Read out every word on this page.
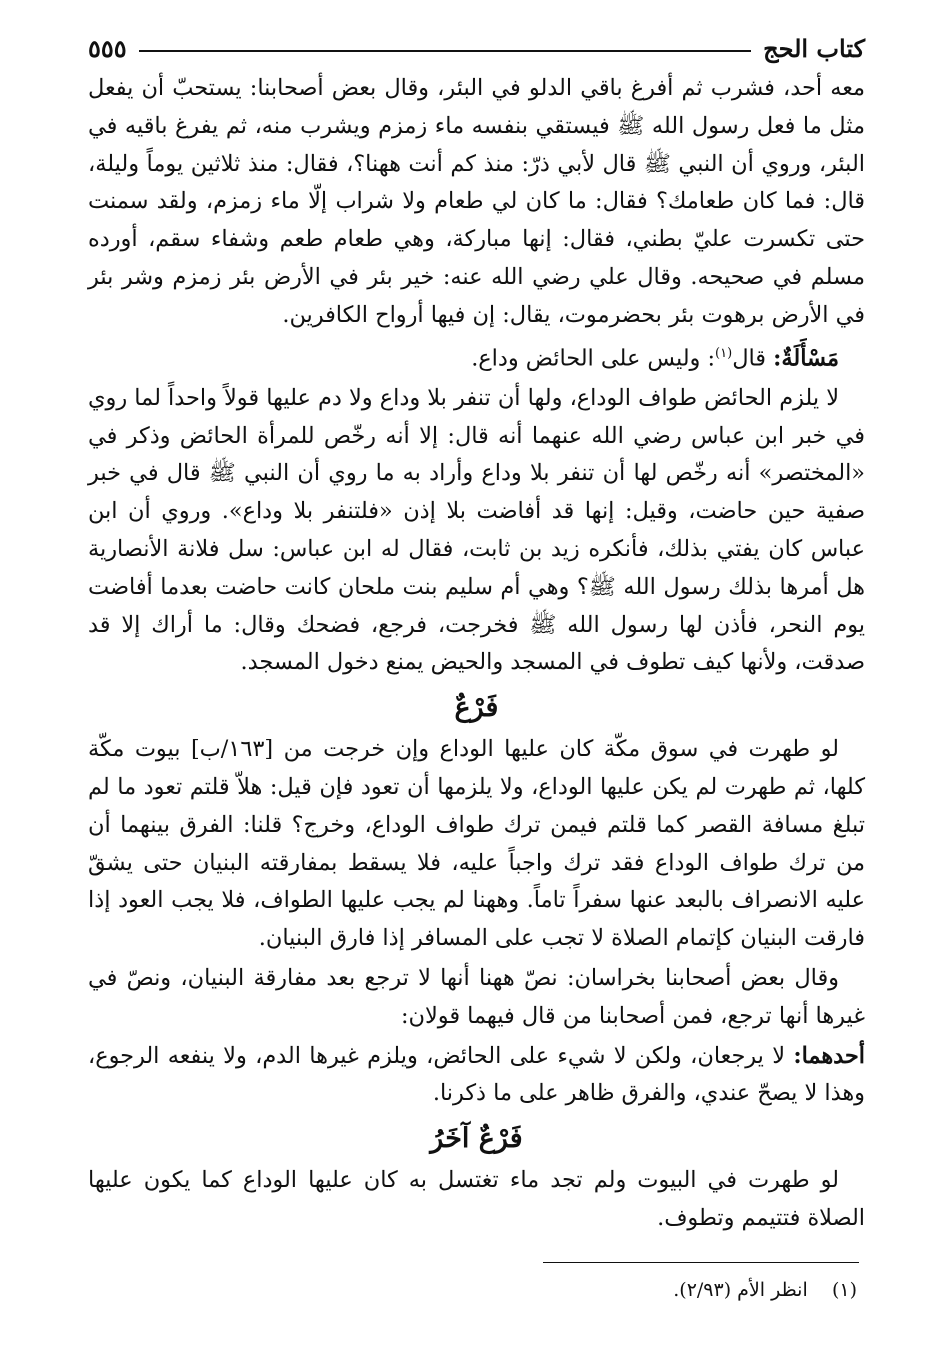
كتاب الحج
٥٥٥

معه أحد، فشرب ثم أفرغ باقي الدلو في البئر، وقال بعض أصحابنا: يستحبّ أن يفعل مثل ما فعل رسول الله ﷺ فيستقي بنفسه ماء زمزم ويشرب منه، ثم يفرغ باقيه في البئر، وروي أن النبي ﷺ قال لأبي ذرّ: منذ كم أنت ههنا؟، فقال: منذ ثلاثين يوماً وليلة، قال: فما كان طعامك؟ فقال: ما كان لي طعام ولا شراب إلّا ماء زمزم، ولقد سمنت حتى تكسرت عليّ بطني، فقال: إنها مباركة، وهي طعام طعم وشفاء سقم، أورده مسلم في صحيحه. وقال علي رضي الله عنه: خير بئر في الأرض بئر زمزم وشر بئر في الأرض برهوت بئر بحضرموت، يقال: إن فيها أرواح الكافرين.

مَسْأَلَةٌ: قال$^{(١)}$: وليس على الحائض وداع.

لا يلزم الحائض طواف الوداع، ولها أن تنفر بلا وداع ولا دم عليها قولاً واحداً لما روي في خبر ابن عباس رضي الله عنهما أنه قال: إلا أنه رخّص للمرأة الحائض وذكر في «المختصر» أنه رخّص لها أن تنفر بلا وداع وأراد به ما روي أن النبي ﷺ قال في خبر صفية حين حاضت، وقيل: إنها قد أفاضت بلا إذن «فلتنفر بلا وداع». وروي أن ابن عباس كان يفتي بذلك، فأنكره زيد بن ثابت، فقال له ابن عباس: سل فلانة الأنصارية هل أمرها بذلك رسول الله ﷺ؟ وهي أم سليم بنت ملحان كانت حاضت بعدما أفاضت يوم النحر، فأذن لها رسول الله ﷺ فخرجت، فرجع، فضحك وقال: ما أراك إلا قد صدقت، ولأنها كيف تطوف في المسجد والحيض يمنع دخول المسجد.

فَرْعٌ

لو طهرت في سوق مكّة كان عليها الوداع وإن خرجت من [١٦٣/ب] بيوت مكّة كلها، ثم طهرت لم يكن عليها الوداع، ولا يلزمها أن تعود فإن قيل: هلاّ قلتم تعود ما لم تبلغ مسافة القصر كما قلتم فيمن ترك طواف الوداع، وخرج؟ قلنا: الفرق بينهما أن من ترك طواف الوداع فقد ترك واجباً عليه، فلا يسقط بمفارقته البنيان حتى يشقّ عليه الانصراف بالبعد عنها سفراً تاماً. وههنا لم يجب عليها الطواف، فلا يجب العود إذا فارقت البنيان كإتمام الصلاة لا تجب على المسافر إذا فارق البنيان.

وقال بعض أصحابنا بخراسان: نصّ ههنا أنها لا ترجع بعد مفارقة البنيان، ونصّ في غيرها أنها ترجع، فمن أصحابنا من قال فيهما قولان:

أحدهما: لا يرجعان، ولكن لا شيء على الحائض، ويلزم غيرها الدم، ولا ينفعه الرجوع، وهذا لا يصحّ عندي، والفرق ظاهر على ما ذكرنا.

فَرْعٌ آخَرُ

لو طهرت في البيوت ولم تجد ماء تغتسل به كان عليها الوداع كما يكون عليها الصلاة فتتيمم وتطوف.

(١)    انظر الأم (٢/٩٣).
